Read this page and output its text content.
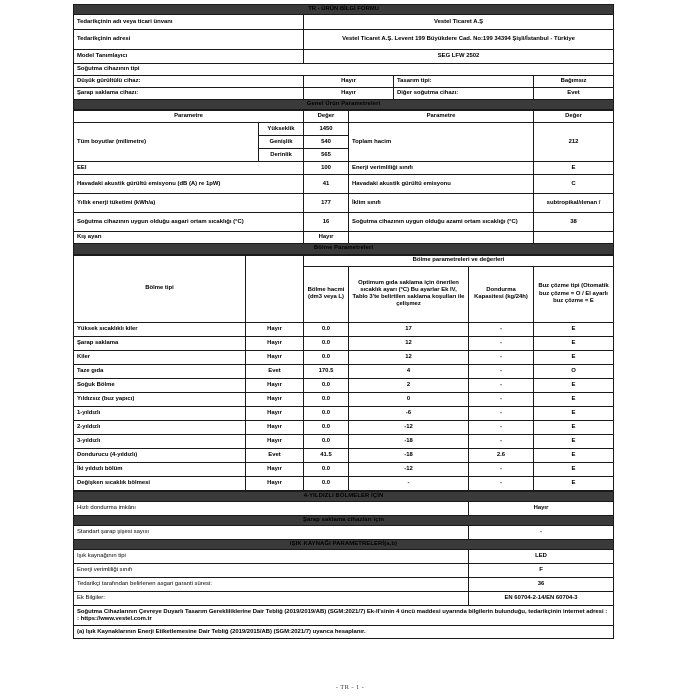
TR - ÜRÜN BİLGİ FORMU			
Tedarikçinin adı veya ticari ünvanı	Vestel Ticaret A.Ş		
Tedarikçinin adresi	Vestel Ticaret A.Ş. Levent 199 Büyükdere Cad. No:199 34394 Şişli/İstanbul - Türkiye		
Model Tanımlayıcı	SEG LFW 2502		
Soğutma cihazının tipi			
Düşük gürültülü cihaz:	Hayır	Tasarım tipi:	Bağımsız
Şarap saklama cihazı:	Hayır	Diğer soğutma cihazı:	Evet
Genel Ürün Parametreleri			
Parametre		Değer	Parametre	Değer
Tüm boyutlar (milimetre)	Yükseklik	1450	Toplam hacim	212
	Genişlik	540		
	Derinlik	565		
EEI		100	Enerji verimliliği sınıfı	E
Havadaki akustik gürültü emisyonu (dB (A) re 1pW)		41	Havadaki akustik gürültü emisyonu	C
Yıllık enerji tüketimi (kWh/a)		177	İklim sınıfı	subtropikal/ılıman /
Soğutma cihazının uygun olduğu asgari ortam sıcaklığı (°C)		16	Soğutma cihazının uygun olduğu azami ortam sıcaklığı (°C)	38
Kış ayarı		Hayır		
Bölme Parametreleri				
Bölme tipi		Bölme parametreleri ve değerleri			
		Bölme hacmi (dm3 veya L)	Optimum gıda saklama için önerilen sıcaklık ayarı (°C) Bu ayarlar Ek IV, Tablo 3'te belirtilen saklama koşulları ile çelişmez	Dondurma Kapasitesi (kg/24h)	Buz çözme tipi (Otomatik buz çözme = O / El ayarlı buz çözme = E
Yüksek sıcaklıklı kiler	Hayır	0.0	17	-	E
Şarap saklama	Hayır	0.0	12	-	E
Kiler	Hayır	0.0	12	-	E
Taze gıda	Evet	170.5	4	-	O
Soğuk Bölme	Hayır	0.0	2	-	E
Yıldızsız (buz yapıcı)	Hayır	0.0	0	-	E
1-yıldızlı	Hayır	0.0	-6	-	E
2-yıldızlı	Hayır	0.0	-12	-	E
3-yıldızlı	Hayır	0.0	-18	-	E
Dondurucu (4-yıldızlı)	Evet	41.5	-18	2.6	E
İki yıldızlı bölüm	Hayır	0.0	-12	-	E
Değişken sıcaklık bölmesi	Hayır	0.0	-	-	E
4-YILDIZLI BÖLMELER İÇİN	
Hızlı dondurma imkânı	Hayır
Şarap saklama cihazları için	
Standart şarap şişesi sayısı	-
IŞIK KAYNAĞI PARAMETRELERİ(a,b)	
Işık kaynağının tipi	LED
Enerji verimliliği sınıfı	F
Tedarikçi tarafından belirlenen asgari garanti süresi:	36
Ek Bilgiler:	EN 60704-2-14/EN 60704-3
Soğutma Cihazlarının Çevreye Duyarlı Tasarım Gerekliliklerine Dair Tebliğ (2019/2019/AB) (SGM:2021/7) Ek-II'sinin 4 üncü maddesi uyarında bilgilerin bulunduğu, tedarikçinin internet adresi : : https://www.vestel.com.tr	
(a) Işık Kaynaklarının Enerji Etiketlemesine Dair Tebliğ (2019/2015/AB) (SGM:2021/7) uyarıca hesaplanır.	
- TR - 1 -
